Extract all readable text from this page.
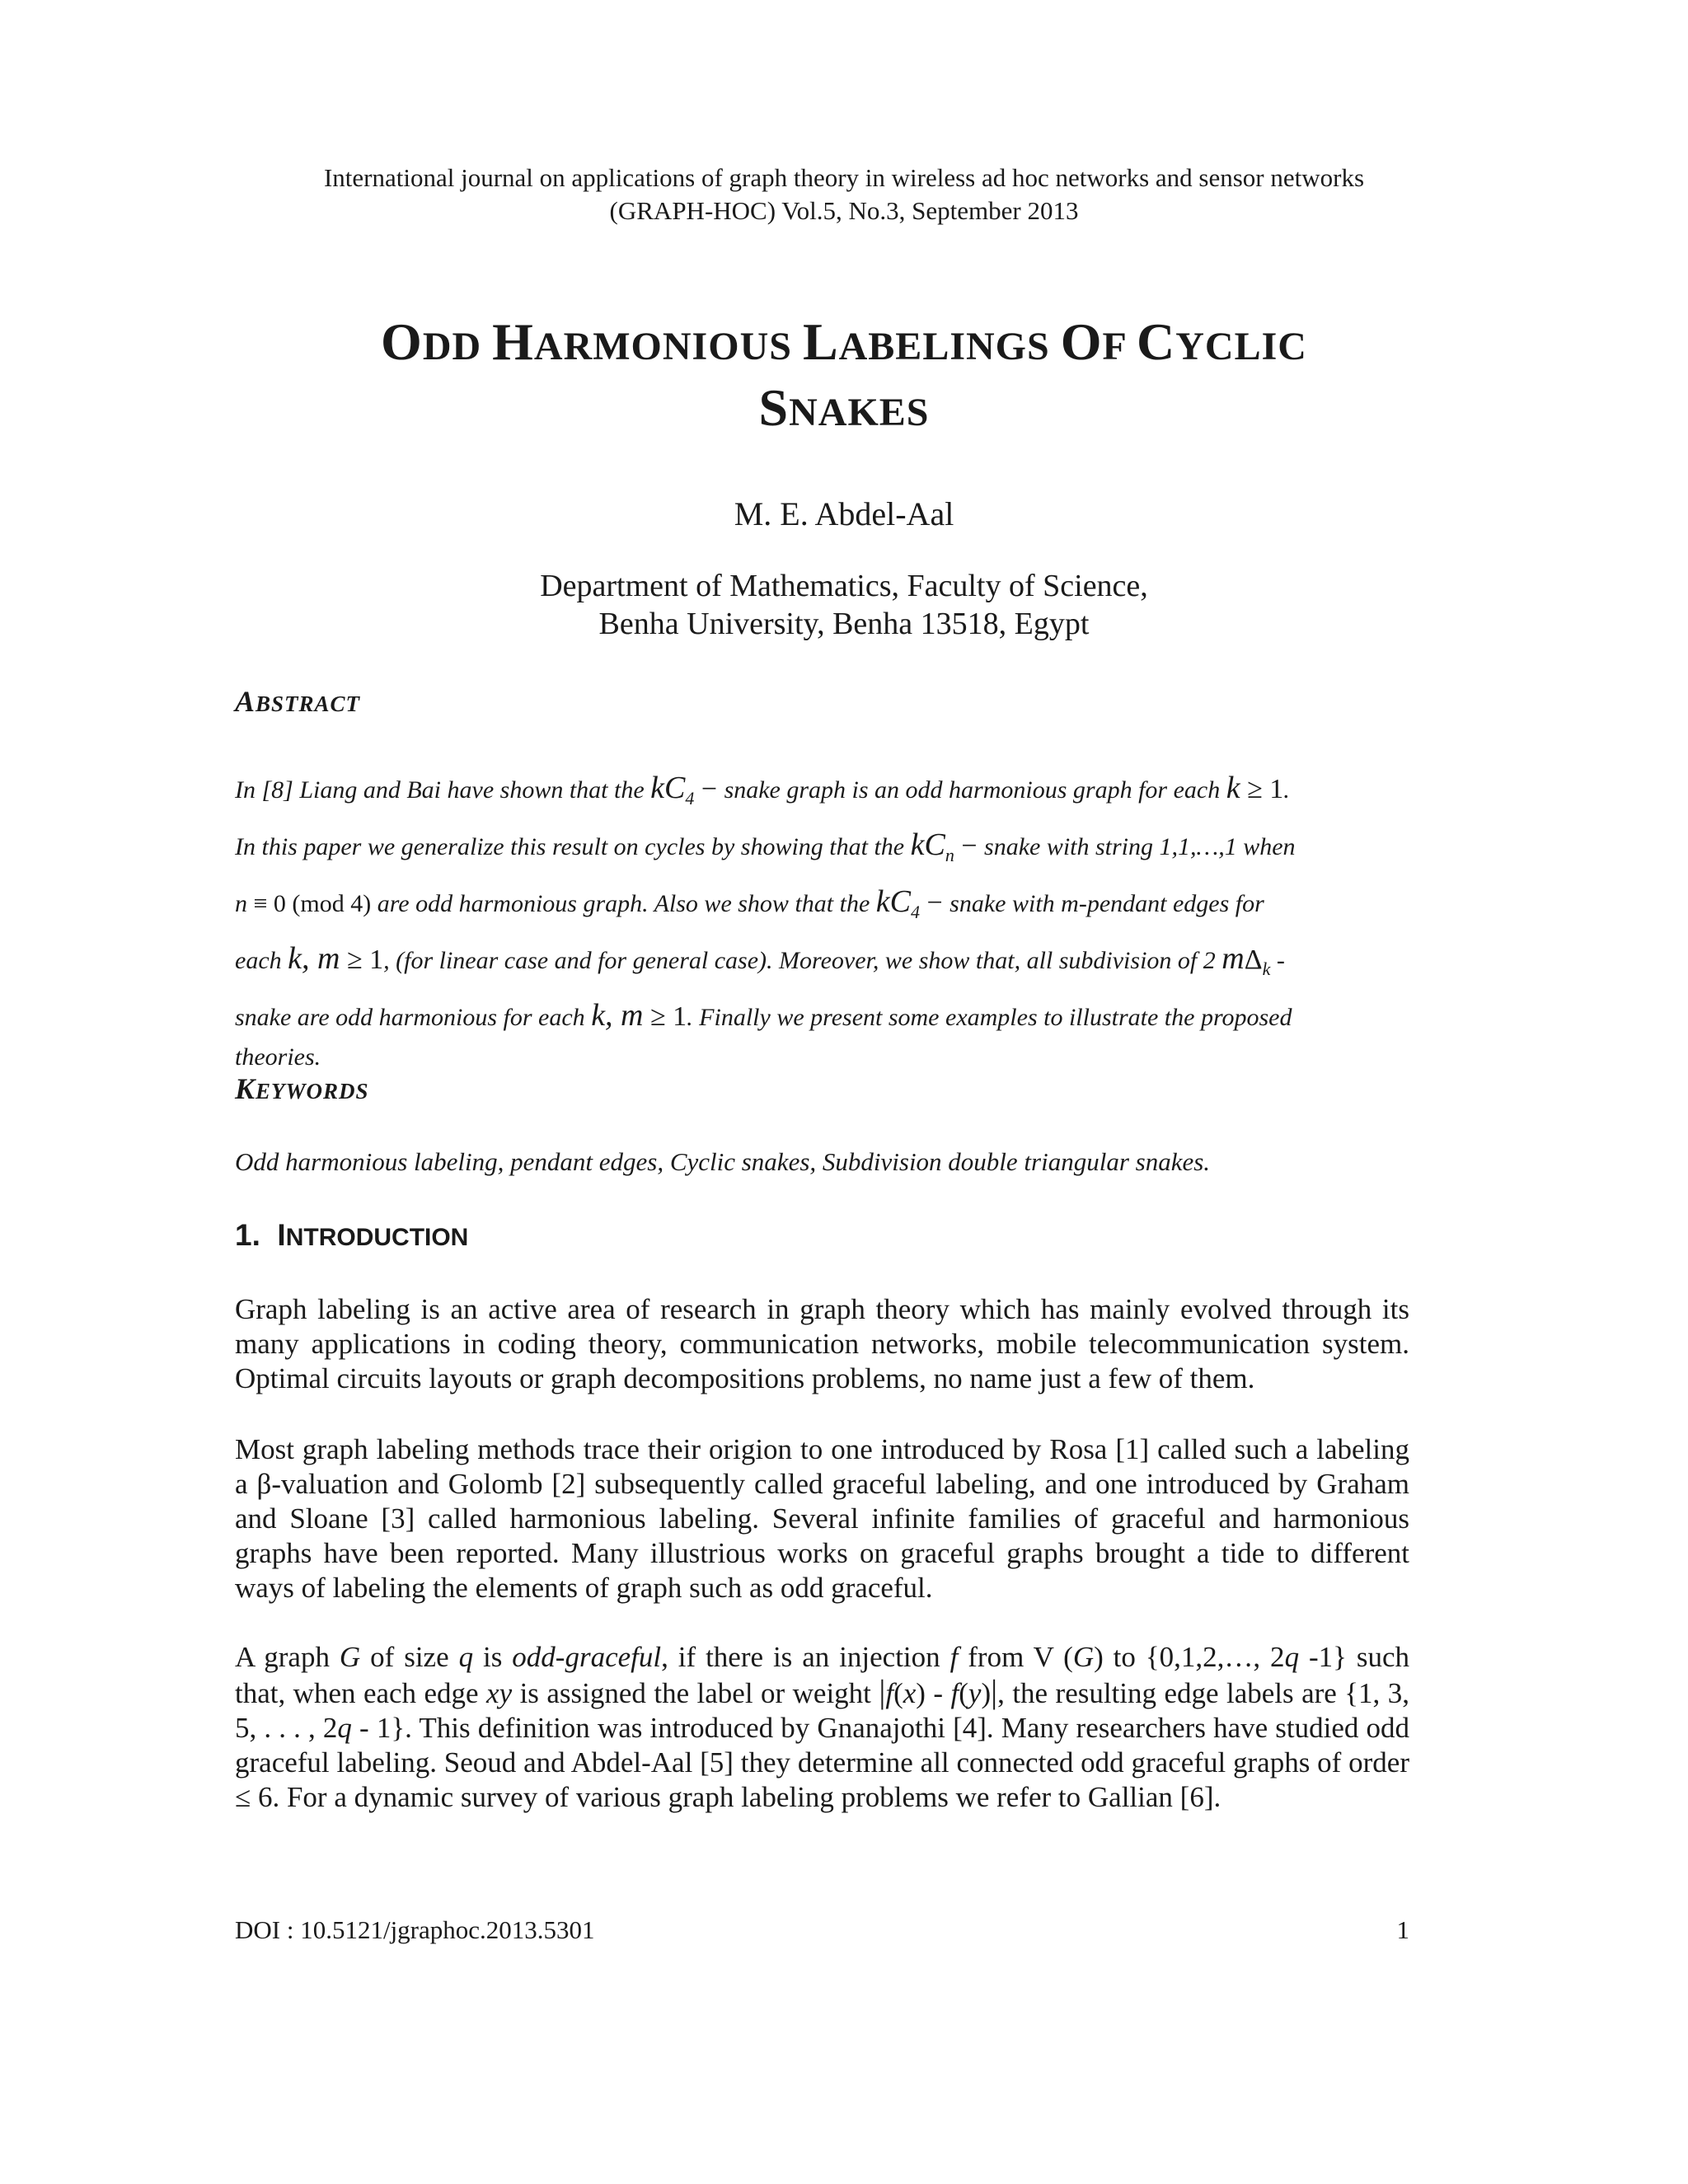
International journal on applications of graph theory in wireless ad hoc networks and sensor networks
(GRAPH-HOC) Vol.5, No.3, September 2013
ODD HARMONIOUS LABELINGS OF CYCLIC
SNAKES
M. E. Abdel-Aal
Department of Mathematics, Faculty of Science,
Benha University, Benha 13518, Egypt
ABSTRACT
In [8] Liang and Bai have shown that the $kC_4$ − snake graph is an odd harmonious graph for each k ≥ 1.
In this paper we generalize this result on cycles by showing that the $kC_n$ − snake with string 1,1,…,1 when
n ≡ 0 (mod 4) are odd harmonious graph. Also we show that the $kC_4$ − snake with m-pendant edges for
each k, m ≥ 1, (for linear case and for general case). Moreover, we show that, all subdivision of 2 $m\Delta_k$ -
snake are odd harmonious for each k, m ≥ 1. Finally we present some examples to illustrate the proposed
theories.
KEYWORDS
Odd harmonious labeling, pendant edges, Cyclic snakes, Subdivision double triangular snakes.
1. INTRODUCTION
Graph labeling is an active area of research in graph theory which has mainly evolved through its many applications in coding theory, communication networks, mobile telecommunication system. Optimal circuits layouts or graph decompositions problems, no name just a few of them.
Most graph labeling methods trace their origion to one introduced by Rosa [1] called such a labeling a β-valuation and Golomb [2] subsequently called graceful labeling, and one introduced by Graham and Sloane [3] called harmonious labeling. Several infinite families of graceful and harmonious graphs have been reported. Many illustrious works on graceful graphs brought a tide to different ways of labeling the elements of graph such as odd graceful.
A graph G of size q is odd-graceful, if there is an injection f from V (G) to {0,1,2,…, 2q -1} such that, when each edge xy is assigned the label or weight |f(x) - f(y)|, the resulting edge labels are {1, 3, 5, . . . , 2q - 1}. This definition was introduced by Gnanajothi [4]. Many researchers have studied odd graceful labeling. Seoud and Abdel-Aal [5] they determine all connected odd graceful graphs of order ≤ 6. For a dynamic survey of various graph labeling problems we refer to Gallian [6].
DOI : 10.5121/jgraphoc.2013.5301	1
